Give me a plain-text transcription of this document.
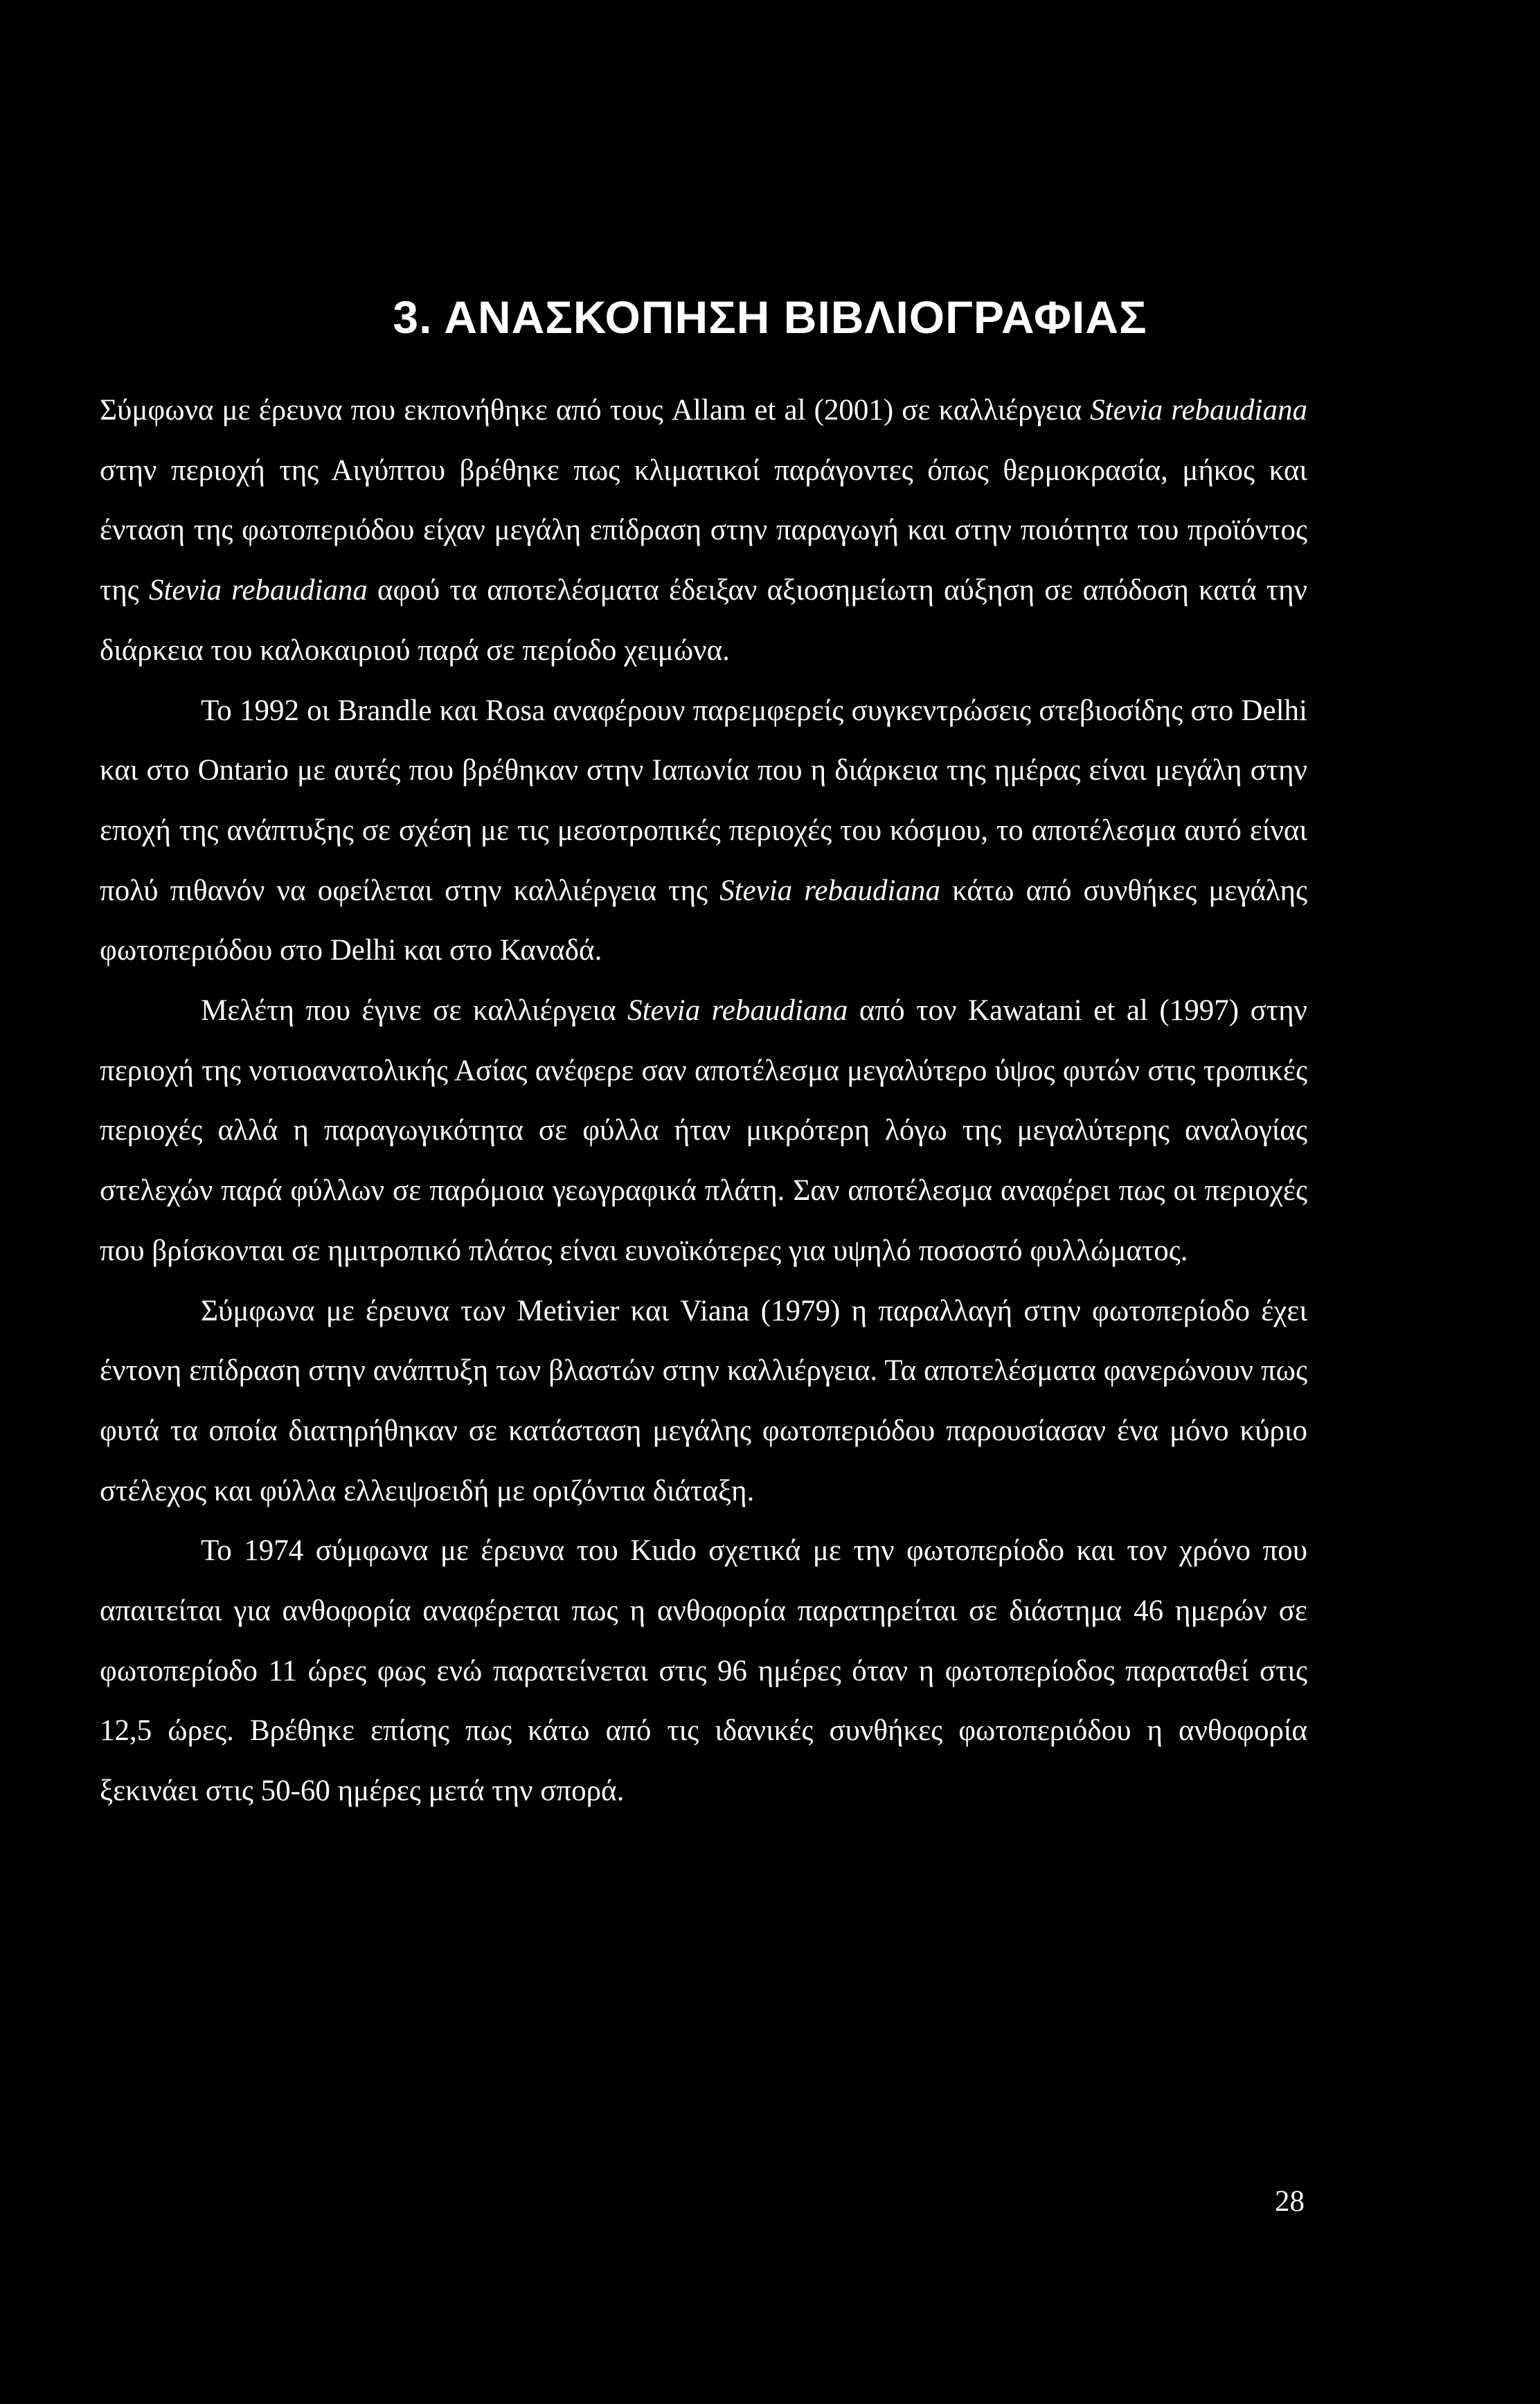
3. ΑΝΑΣΚΟΠΗΣΗ ΒΙΒΛΙΟΓΡΑΦΙΑΣ

Σύμφωνα με έρευνα που εκπονήθηκε από τους Allam et al (2001) σε καλλιέργεια Stevia rebaudiana στην περιοχή της Αιγύπτου βρέθηκε πως κλιματικοί παράγοντες όπως θερμοκρασία, μήκος και ένταση της φωτοπεριόδου είχαν μεγάλη επίδραση στην παραγωγή και στην ποιότητα του προϊόντος της Stevia rebaudiana αφού τα αποτελέσματα έδειξαν αξιοσημείωτη αύξηση σε απόδοση κατά την διάρκεια του καλοκαιριού παρά σε περίοδο χειμώνα.

Το 1992 οι Brandle και Rosa αναφέρουν παρεμφερείς συγκεντρώσεις στεβιοσίδης στο Delhi και στο Ontario με αυτές που βρέθηκαν στην Ιαπωνία που η διάρκεια της ημέρας είναι μεγάλη στην εποχή της ανάπτυξης σε σχέση με τις μεσοτροπικές περιοχές του κόσμου, το αποτέλεσμα αυτό είναι πολύ πιθανόν να οφείλεται στην καλλιέργεια της Stevia rebaudiana κάτω από συνθήκες μεγάλης φωτοπεριόδου στο Delhi και στο Καναδά.

Μελέτη που έγινε σε καλλιέργεια Stevia rebaudiana από τον Kawatani et al (1997) στην περιοχή της νοτιοανατολικής Ασίας ανέφερε σαν αποτέλεσμα μεγαλύτερο ύψος φυτών στις τροπικές περιοχές αλλά η παραγωγικότητα σε φύλλα ήταν μικρότερη λόγω της μεγαλύτερης αναλογίας στελεχών παρά φύλλων σε παρόμοια γεωγραφικά πλάτη. Σαν αποτέλεσμα αναφέρει πως οι περιοχές που βρίσκονται σε ημιτροπικό πλάτος είναι ευνοϊκότερες για υψηλό ποσοστό φυλλώματος.

Σύμφωνα με έρευνα των Metivier και Viana (1979) η παραλλαγή στην φωτοπερίοδο έχει έντονη επίδραση στην ανάπτυξη των βλαστών στην καλλιέργεια. Τα αποτελέσματα φανερώνουν πως φυτά τα οποία διατηρήθηκαν σε κατάσταση μεγάλης φωτοπεριόδου παρουσίασαν ένα μόνο κύριο στέλεχος και φύλλα ελλειψοειδή με οριζόντια διάταξη.

Το 1974 σύμφωνα με έρευνα του Kudo σχετικά με την φωτοπερίοδο και τον χρόνο που απαιτείται για ανθοφορία αναφέρεται πως η ανθοφορία παρατηρείται σε διάστημα 46 ημερών σε φωτοπερίοδο 11 ώρες φως ενώ παρατείνεται στις 96 ημέρες όταν η φωτοπερίοδος παραταθεί στις 12,5 ώρες. Βρέθηκε επίσης πως κάτω από τις ιδανικές συνθήκες φωτοπεριόδου η ανθοφορία ξεκινάει στις 50-60 ημέρες μετά την σπορά.

28
